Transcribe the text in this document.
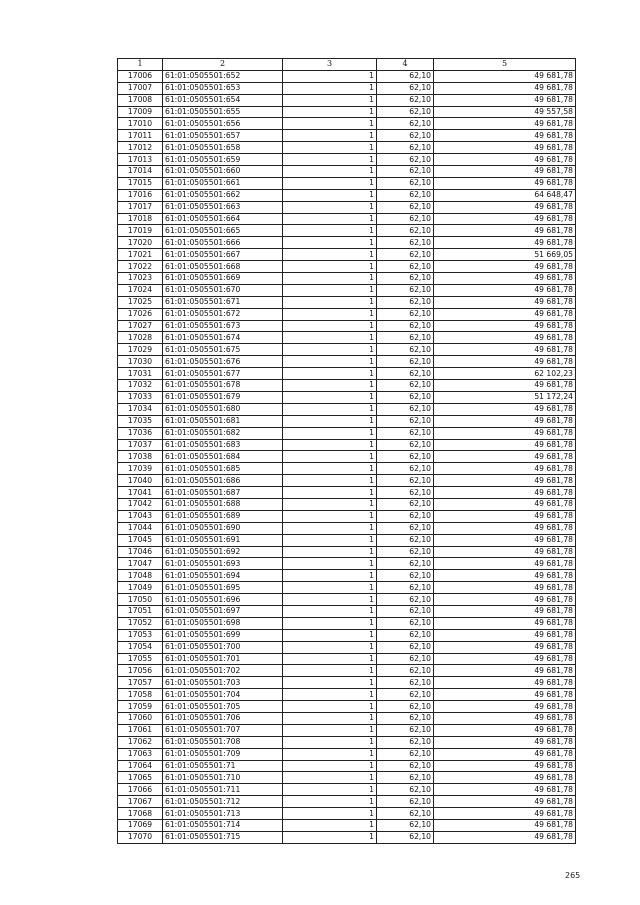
1	2	3	4	5
17006	61:01:0505501:652	1	62,10	49 681,78
17007	61:01:0505501:653	1	62,10	49 681,78
17008	61:01:0505501:654	1	62,10	49 681,78
17009	61:01:0505501:655	1	62,10	49 557,58
17010	61:01:0505501:656	1	62,10	49 681,78
17011	61:01:0505501:657	1	62,10	49 681,78
17012	61:01:0505501:658	1	62,10	49 681,78
17013	61:01:0505501:659	1	62,10	49 681,78
17014	61:01:0505501:660	1	62,10	49 681,78
17015	61:01:0505501:661	1	62,10	49 681,78
17016	61:01:0505501:662	1	62,10	64 648,47
17017	61:01:0505501:663	1	62,10	49 681,78
17018	61:01:0505501:664	1	62,10	49 681,78
17019	61:01:0505501:665	1	62,10	49 681,78
17020	61:01:0505501:666	1	62,10	49 681,78
17021	61:01:0505501:667	1	62,10	51 669,05
17022	61:01:0505501:668	1	62,10	49 681,78
17023	61:01:0505501:669	1	62,10	49 681,78
17024	61:01:0505501:670	1	62,10	49 681,78
17025	61:01:0505501:671	1	62,10	49 681,78
17026	61:01:0505501:672	1	62,10	49 681,78
17027	61:01:0505501:673	1	62,10	49 681,78
17028	61:01:0505501:674	1	62,10	49 681,78
17029	61:01:0505501:675	1	62,10	49 681,78
17030	61:01:0505501:676	1	62,10	49 681,78
17031	61:01:0505501:677	1	62,10	62 102,23
17032	61:01:0505501:678	1	62,10	49 681,78
17033	61:01:0505501:679	1	62,10	51 172,24
17034	61:01:0505501:680	1	62,10	49 681,78
17035	61:01:0505501:681	1	62,10	49 681,78
17036	61:01:0505501:682	1	62,10	49 681,78
17037	61:01:0505501:683	1	62,10	49 681,78
17038	61:01:0505501:684	1	62,10	49 681,78
17039	61:01:0505501:685	1	62,10	49 681,78
17040	61:01:0505501:686	1	62,10	49 681,78
17041	61:01:0505501:687	1	62,10	49 681,78
17042	61:01:0505501:688	1	62,10	49 681,78
17043	61:01:0505501:689	1	62,10	49 681,78
17044	61:01:0505501:690	1	62,10	49 681,78
17045	61:01:0505501:691	1	62,10	49 681,78
17046	61:01:0505501:692	1	62,10	49 681,78
17047	61:01:0505501:693	1	62,10	49 681,78
17048	61:01:0505501:694	1	62,10	49 681,78
17049	61:01:0505501:695	1	62,10	49 681,78
17050	61:01:0505501:696	1	62,10	49 681,78
17051	61:01:0505501:697	1	62,10	49 681,78
17052	61:01:0505501:698	1	62,10	49 681,78
17053	61:01:0505501:699	1	62,10	49 681,78
17054	61:01:0505501:700	1	62,10	49 681,78
17055	61:01:0505501:701	1	62,10	49 681,78
17056	61:01:0505501:702	1	62,10	49 681,78
17057	61:01:0505501:703	1	62,10	49 681,78
17058	61:01:0505501:704	1	62,10	49 681,78
17059	61:01:0505501:705	1	62,10	49 681,78
17060	61:01:0505501:706	1	62,10	49 681,78
17061	61:01:0505501:707	1	62,10	49 681,78
17062	61:01:0505501:708	1	62,10	49 681,78
17063	61:01:0505501:709	1	62,10	49 681,78
17064	61:01:0505501:71	1	62,10	49 681,78
17065	61:01:0505501:710	1	62,10	49 681,78
17066	61:01:0505501:711	1	62,10	49 681,78
17067	61:01:0505501:712	1	62,10	49 681,78
17068	61:01:0505501:713	1	62,10	49 681,78
17069	61:01:0505501:714	1	62,10	49 681,78
17070	61:01:0505501:715	1	62,10	49 681,78
265
